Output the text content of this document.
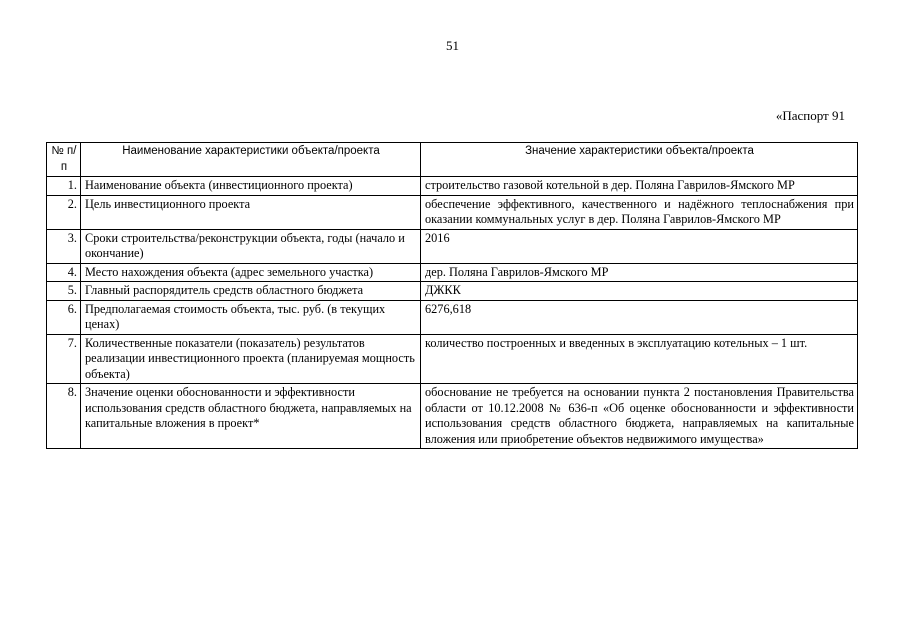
51
«Паспорт 91
№ п/п	Наименование характеристики объекта/проекта	Значение характеристики объекта/проекта
1.	Наименование объекта (инвестиционного проекта)	строительство газовой котельной в дер. Поляна Гаврилов-Ямского МР
2.	Цель инвестиционного проекта	обеспечение эффективного, качественного и надёжного теплоснабжения при оказании коммунальных услуг в дер. Поляна Гаврилов-Ямского МР
3.	Сроки строительства/реконструкции объекта, годы (начало и окончание)	2016
4.	Место нахождения объекта (адрес земельного участка)	дер. Поляна Гаврилов-Ямского МР
5.	Главный распорядитель средств областного бюджета	ДЖКК
6.	Предполагаемая стоимость объекта, тыс. руб. (в текущих ценах)	6276,618
7.	Количественные показатели (показатель) результатов реализации инвестиционного проекта (планируемая мощность объекта)	количество построенных и введенных в эксплуатацию котельных – 1 шт.
8.	Значение оценки обоснованности и эффективности использования средств областного бюджета, направляемых на капитальные вложения в проект*	обоснование не требуется на основании пункта 2 постановления Правительства области от 10.12.2008 № 636-п «Об оценке обоснованности и эффективности использования средств областного бюджета, направляемых на капитальные вложения или приобретение объектов недвижимого имущества»
